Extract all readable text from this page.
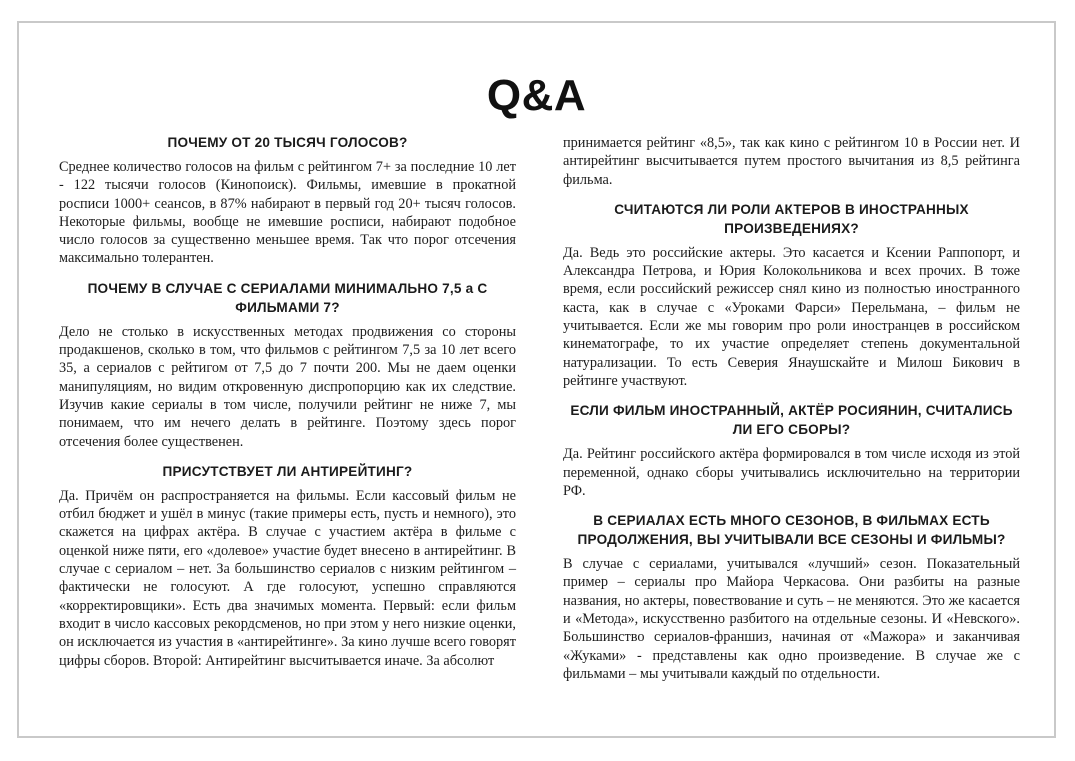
Q&A
ПОЧЕМУ ОТ 20 ТЫСЯЧ ГОЛОСОВ?

Среднее количество голосов на фильм с рейтингом 7+ за последние 10 лет - 122 тысячи голосов (Кинопоиск). Фильмы, имевшие в прокатной росписи 1000+ сеансов, в 87% набирают в первый год 20+ тысяч голосов. Некоторые фильмы, вообще не имевшие росписи, набирают подобное число голосов за существенно меньшее время. Так что порог отсечения максимально толерантен.

ПОЧЕМУ В СЛУЧАЕ С СЕРИАЛАМИ МИНИМАЛЬНО 7,5 а С ФИЛЬМАМИ 7?

Дело не столько в искусственных методах продвижения со стороны продакшенов, сколько в том, что фильмов с рейтингом 7,5 за 10 лет всего 35, а сериалов с рейтигом от 7,5 до 7 почти 200. Мы не даем оценки манипуляциям, но видим откровенную диспропорцию как их следствие. Изучив какие сериалы в том числе, получили рейтинг не ниже 7, мы понимаем, что им нечего делать в рейтинге. Поэтому здесь порог отсечения более существенен.

ПРИСУТСТВУЕТ ЛИ АНТИРЕЙТИНГ?

Да. Причём он распространяется на фильмы. Если кассовый фильм не отбил бюджет и ушёл в минус (такие примеры есть, пусть и немного), это скажется на цифрах актёра. В случае с участием актёра в фильме с оценкой ниже пяти, его «долевое» участие будет внесено в антирейтинг. В случае с сериалом – нет. За большинство сериалов с низким рейтингом – фактически не голосуют. А где голосуют, успешно справляются «корректировщики». Есть два значимых момента. Первый: если фильм входит в число кассовых рекордсменов, но при этом у него низкие оценки, он исключается из участия в «антирейтинге». За кино лучше всего говорят цифры сборов. Второй: Антирейтинг высчитывается иначе. За абсолют

принимается рейтинг «8,5», так как кино с рейтингом 10 в России нет. И антирейтинг высчитывается путем простого вычитания из 8,5 рейтинга фильма.

СЧИТАЮТСЯ ЛИ РОЛИ АКТЕРОВ В ИНОСТРАННЫХ ПРОИЗВЕДЕНИЯХ?

Да. Ведь это российские актеры. Это касается и Ксении Раппопорт, и Александра Петрова, и Юрия Колокольникова и всех прочих. В тоже время, если российский режиссер снял кино из полностью иностранного каста, как в случае с «Уроками Фарси» Перельмана, – фильм не учитывается. Если же мы говорим про роли иностранцев в российском кинематографе, то их участие определяет степень документальной натурализации. То есть Северия Янаушскайте и Милош Бикович в рейтинге участвуют.

ЕСЛИ ФИЛЬМ ИНОСТРАННЫЙ, АКТЁР РОСИЯНИН, СЧИТАЛИСЬ ЛИ ЕГО СБОРЫ?

Да. Рейтинг российского актёра формировался в том числе исходя из этой переменной, однако сборы учитывались исключительно на территории РФ.

В СЕРИАЛАХ ЕСТЬ МНОГО СЕЗОНОВ, В ФИЛЬМАХ ЕСТЬ ПРОДОЛЖЕНИЯ, ВЫ УЧИТЫВАЛИ ВСЕ СЕЗОНЫ И ФИЛЬМЫ?

В случае с сериалами, учитывался «лучший» сезон. Показательный пример – сериалы про Майора Черкасова. Они разбиты на разные названия, но актеры, повествование и суть – не меняются. Это же касается и «Метода», искусственно разбитого на отдельные сезоны. И «Невского». Большинство сериалов-франшиз, начиная от «Мажора» и заканчивая «Жуками» - представлены как одно произведение. В случае же с фильмами – мы учитывали каждый по отдельности.
